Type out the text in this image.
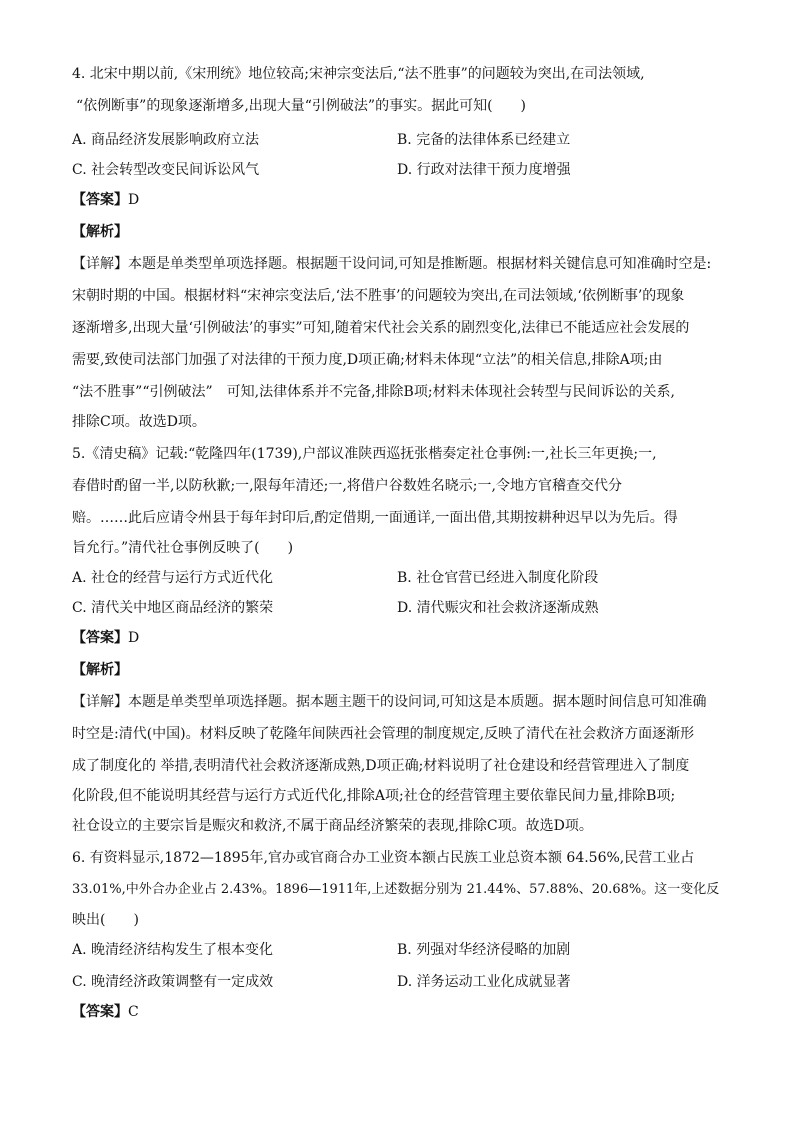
4. 北宋中期以前,《宋刑统》地位较高;宋神宗变法后,“法不胜事”的问题较为突出,在司法领域,
“依例断事”的现象逐渐增多,出现大量“引例破法”的事实。据此可知(　　)
A. 商品经济发展影响政府立法	B. 完备的法律体系已经建立
C. 社会转型改变民间诉讼风气	D. 行政对法律干预力度增强
【答案】D
【解析】
【详解】本题是单类型单项选择题。根据题干设问词,可知是推断题。根据材料关键信息可知准确时空是:
宋朝时期的中国。根据材料“宋神宗变法后,‘法不胜事’的问题较为突出,在司法领域,‘依例断事’的现象
逐渐增多,出现大量‘引例破法’的事实”可知,随着宋代社会关系的剧烈变化,法律已不能适应社会发展的
需要,致使司法部门加强了对法律的干预力度,D项正确;材料未体现“立法”的相关信息,排除A项;由
“法不胜事”“引例破法”　可知,法律体系并不完备,排除B项;材料未体现社会转型与民间诉讼的关系,
排除C项。故选D项。
5.《清史稿》记载:“乾隆四年(1739),户部议准陕西巡抚张楷奏定社仓事例:一,社长三年更换;一,
春借时酌留一半,以防秋歉;一,限每年清还;一,将借户谷数姓名晓示;一,令地方官稽查交代分
赔。……此后应请令州县于每年封印后,酌定借期,一面通详,一面出借,其期按耕种迟早以为先后。得
旨允行。”清代社仓事例反映了(　　)
A. 社仓的经营与运行方式近代化	B. 社仓官营已经进入制度化阶段
C. 清代关中地区商品经济的繁荣	D. 清代赈灾和社会救济逐渐成熟
【答案】D
【解析】
【详解】本题是单类型单项选择题。据本题主题干的设问词,可知这是本质题。据本题时间信息可知准确
时空是:清代(中国)。材料反映了乾隆年间陕西社会管理的制度规定,反映了清代在社会救济方面逐渐形
成了制度化的 举措,表明清代社会救济逐渐成熟,D项正确;材料说明了社仓建设和经营管理进入了制度
化阶段,但不能说明其经营与运行方式近代化,排除A项;社仓的经营管理主要依靠民间力量,排除B项;
社仓设立的主要宗旨是赈灾和救济,不属于商品经济繁荣的表现,排除C项。故选D项。
6. 有资料显示,1872—1895年,官办或官商合办工业资本额占民族工业总资本额 64.56%,民营工业占
33.01%,中外合办企业占 2.43%。1896—1911年,上述数据分别为 21.44%、57.88%、20.68%。这一变化反
映出(　　)
A. 晚清经济结构发生了根本变化	B. 列强对华经济侵略的加剧
C. 晚清经济政策调整有一定成效	D. 洋务运动工业化成就显著
【答案】C
